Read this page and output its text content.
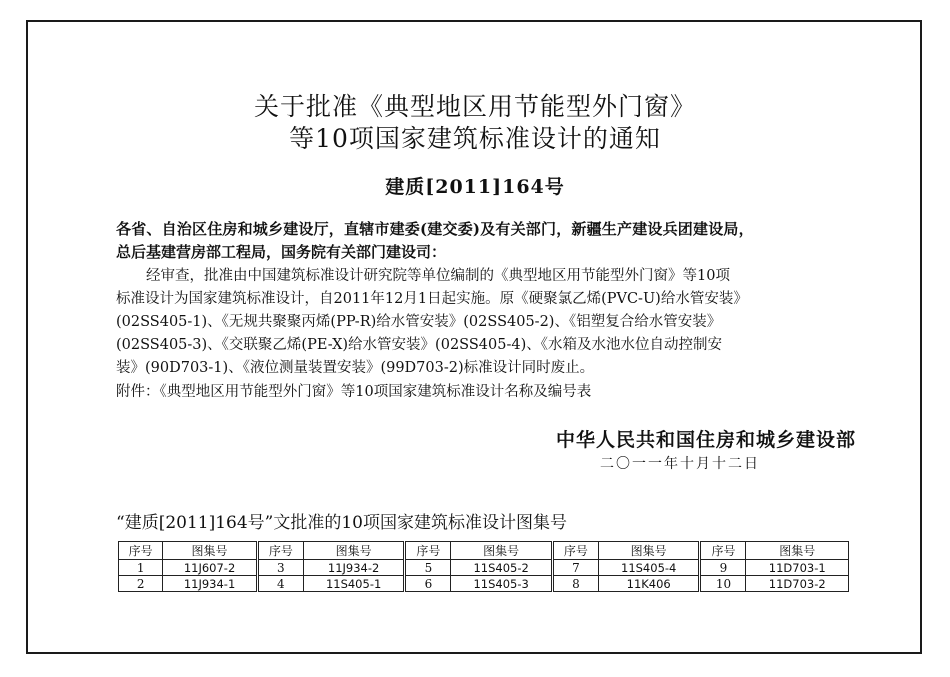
关于批准《典型地区用节能型外门窗》
等10项国家建筑标准设计的通知
建质[2011]164号
各省、自治区住房和城乡建设厅，直辖市建委(建交委)及有关部门，新疆生产建设兵团建设局，
总后基建营房部工程局，国务院有关部门建设司：
经审查，批准由中国建筑标准设计研究院等单位编制的《典型地区用节能型外门窗》等10项
标准设计为国家建筑标准设计，自2011年12月1日起实施。原《硬聚氯乙烯(PVC-U)给水管安装》
(02SS405-1)、《无规共聚聚丙烯(PP-R)给水管安装》(02SS405-2)、《铝塑复合给水管安装》
(02SS405-3)、《交联聚乙烯(PE-X)给水管安装》(02SS405-4)、《水箱及水池水位自动控制安
装》(90D703-1)、《液位测量装置安装》(99D703-2)标准设计同时废止。
附件：《典型地区用节能型外门窗》等10项国家建筑标准设计名称及编号表
中华人民共和国住房和城乡建设部
二〇一一年十月十二日
“建质[2011]164号”文批准的10项国家建筑标准设计图集号
序号	图集号	序号	图集号	序号	图集号	序号	图集号	序号	图集号
1	11J607-2	3	11J934-2	5	11S405-2	7	11S405-4	9	11D703-1
2	11J934-1	4	11S405-1	6	11S405-3	8	11K406	10	11D703-2
